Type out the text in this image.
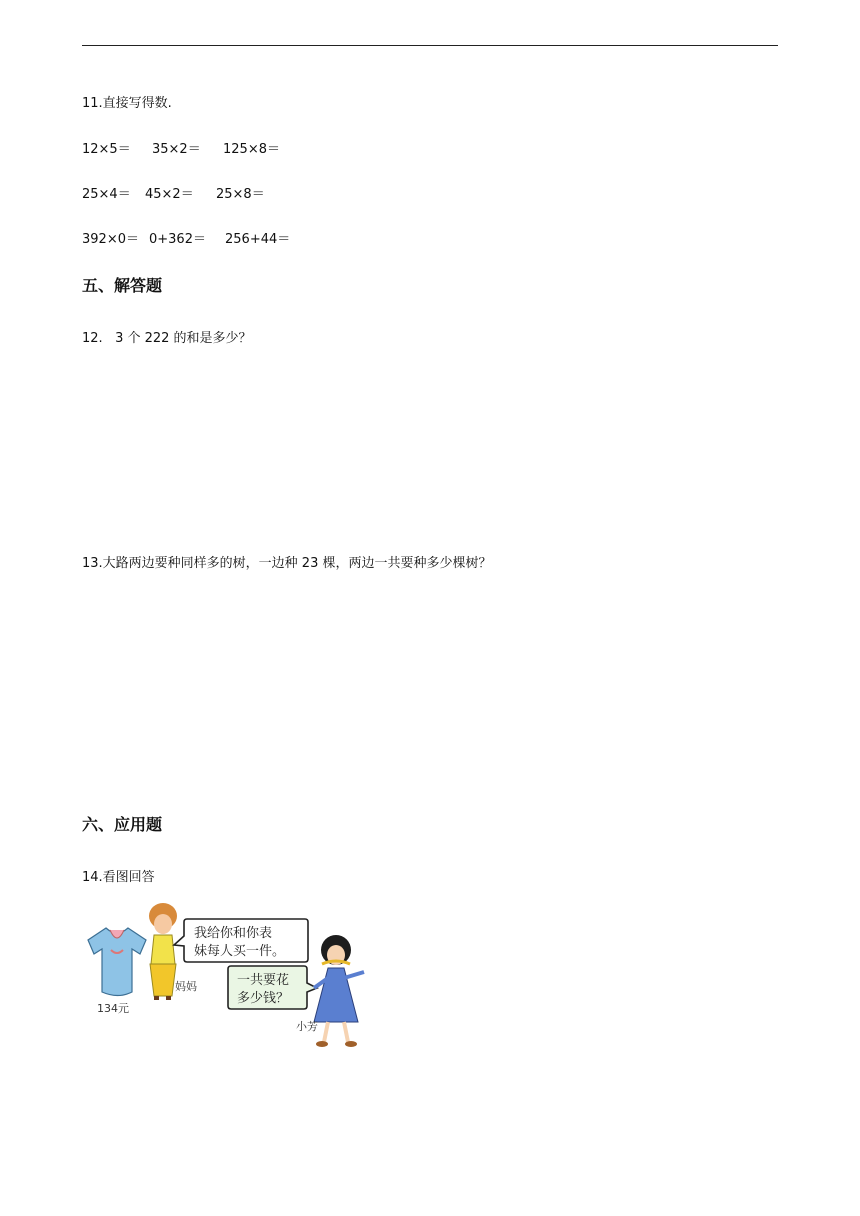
11.直接写得数.
12×5＝ 35×2＝ 125×8＝
25×4＝ 45×2＝ 25×8＝
392×0＝ 0+362＝ 256+44＝
五、解答题
12.   3 个 222 的和是多少？
13.大路两边要种同样多的树，一边种 23 棵，两边一共要种多少棵树？
六、应用题
14.看图回答
134元
妈妈
我给你和你表
妹每人买一件。
一共要花
多少钱？
小芳
